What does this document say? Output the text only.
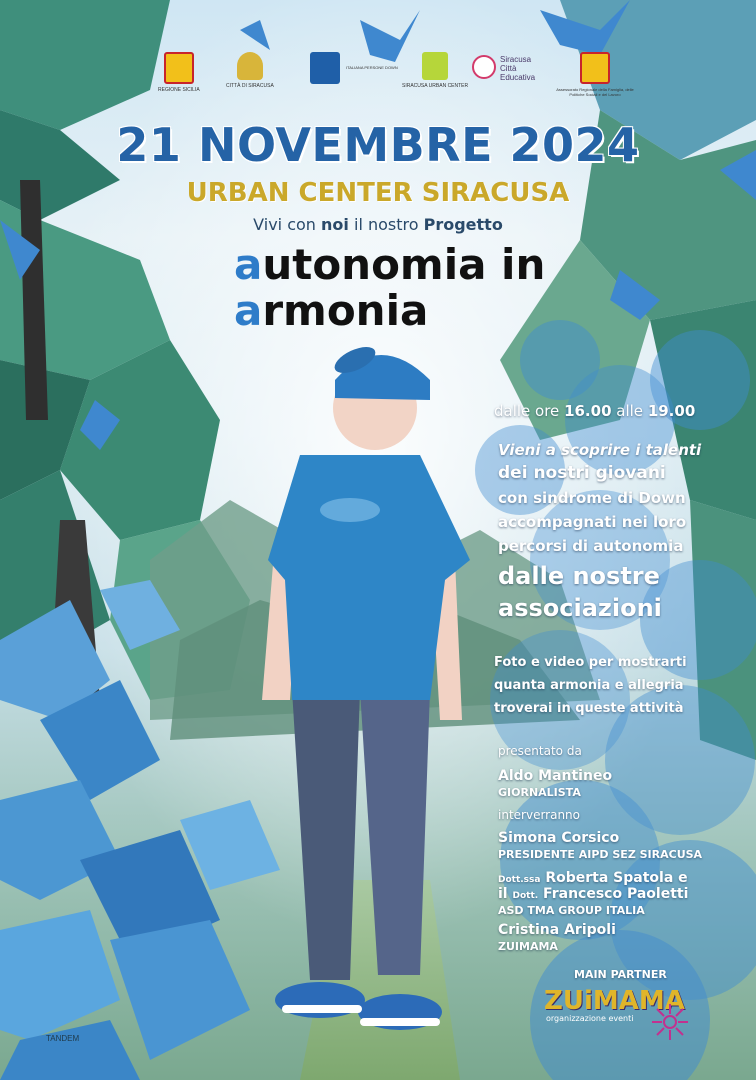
REGIONE SICILIA
CITTÀ DI SIRACUSA
ITALIANA PERSONE DOWN
SIRACUSA URBAN CENTER
Siracusa Città Educativa
Assessorato Regionale della Famiglia, delle Politiche Sociali e del Lavoro
21 NOVEMBRE 2024
URBAN CENTER SIRACUSA
Vivi con noi il nostro Progetto
autonomia in
armonia
dalle ore 16.00 alle 19.00
Vieni a scoprire i talenti
dei nostri giovani
con sindrome di Down
accompagnati nei loro
percorsi di autonomia
dalle nostre
associazioni
Foto e video per mostrarti
quanta armonia e allegria
troverai in queste attività
presentato da
Aldo Mantineo
GIORNALISTA
interverranno
Simona Corsico
PRESIDENTE AIPD SEZ SIRACUSA
Dott.ssa Roberta Spatola e
il Dott. Francesco Paoletti
ASD TMA GROUP ITALIA
Cristina Aripoli
ZUIMAMA
MAIN PARTNER
ZUiMAMA
organizzazione eventi
TANDEM
